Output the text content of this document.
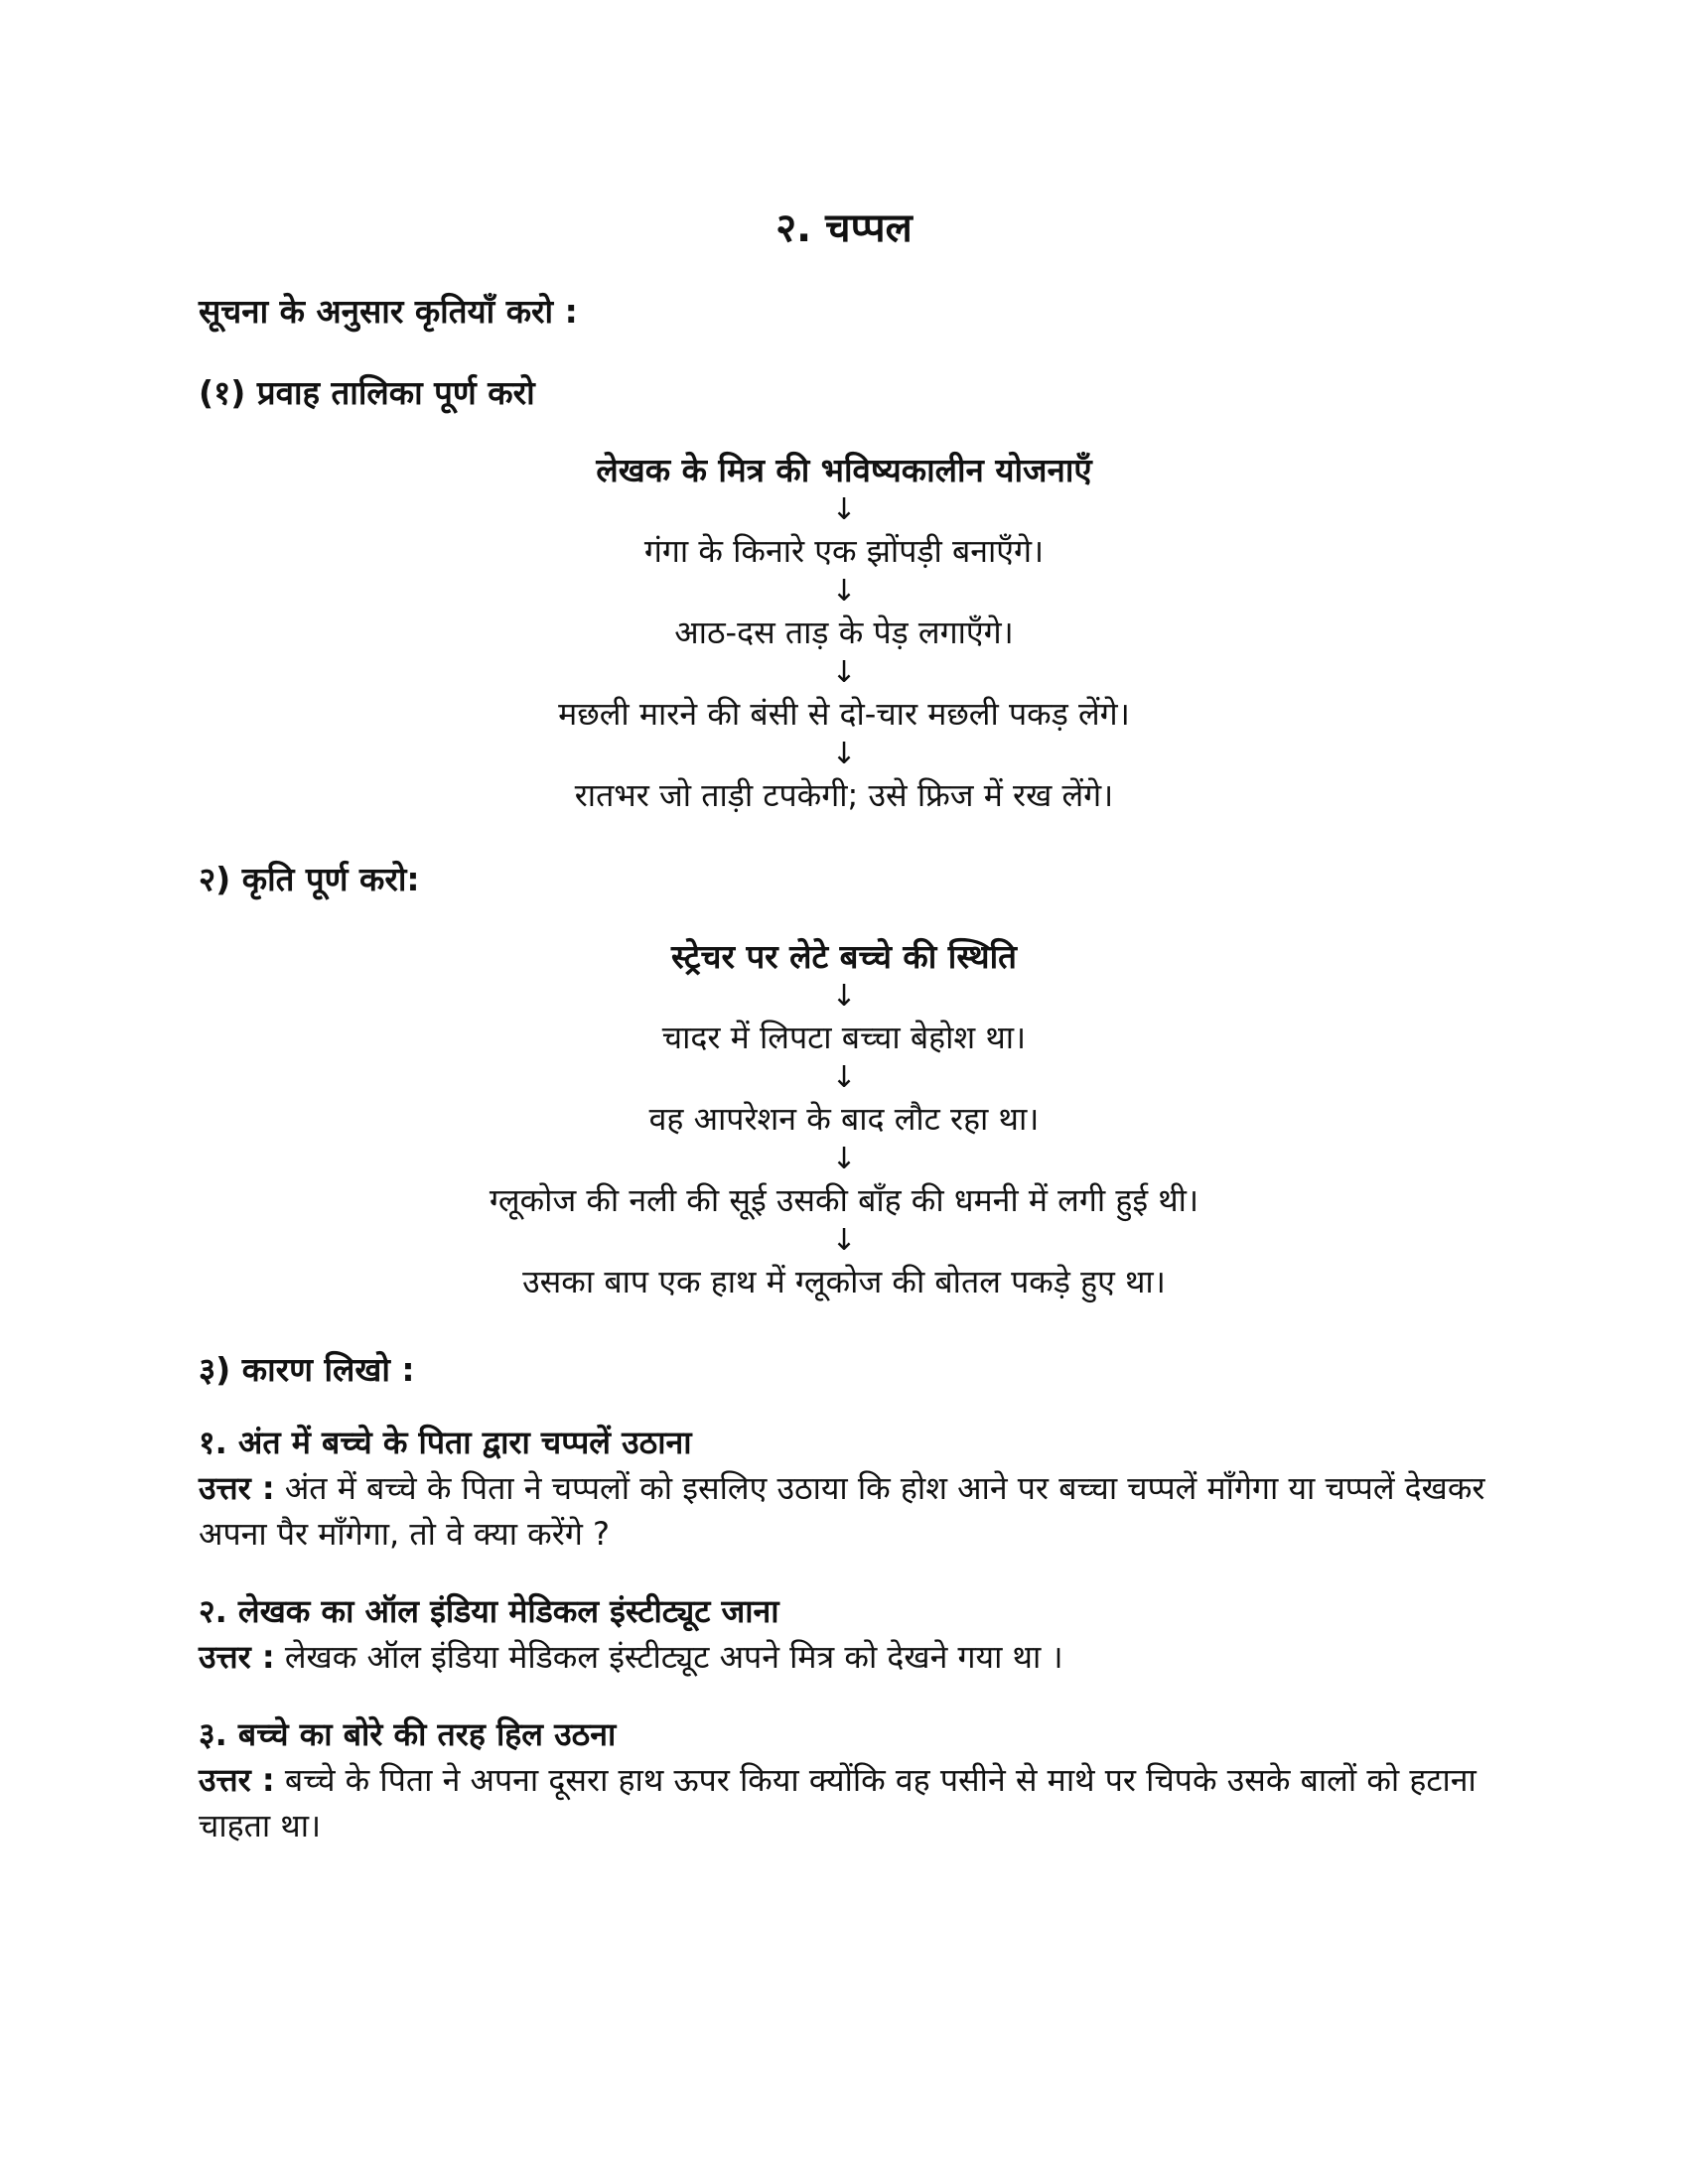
२. चप्पल
सूचना के अनुसार कृतियाँ करो :
(१) प्रवाह तालिका पूर्ण करो
लेखक के मित्र की भविष्यकालीन योजनाएँ
↓
गंगा के किनारे एक झोंपड़ी बनाएँगे।
↓
आठ-दस ताड़ के पेड़ लगाएँगे।
↓
मछली मारने की बंसी से दो-चार मछली पकड़ लेंगे।
↓
रातभर जो ताड़ी टपकेगी; उसे फ्रिज में रख लेंगे।
२) कृति पूर्ण करो:
स्ट्रेचर पर लेटे बच्चे की स्थिति
↓
चादर में लिपटा बच्चा बेहोश था।
↓
वह आपरेशन के बाद लौट रहा था।
↓
ग्लूकोज की नली की सूई उसकी बाँह की धमनी में लगी हुई थी।
↓
उसका बाप एक हाथ में ग्लूकोज की बोतल पकड़े हुए था।
३) कारण लिखो :
१. अंत में बच्चे के पिता द्वारा चप्पलें उठाना
उत्तर : अंत में बच्चे के पिता ने चप्पलों को इसलिए उठाया कि होश आने पर बच्चा चप्पलें माँगेगा या चप्पलें देखकर अपना पैर माँगेगा, तो वे क्या करेंगे ?
२. लेखक का ऑल इंडिया मेडिकल इंस्टीट्यूट जाना
उत्तर : लेखक ऑल इंडिया मेडिकल इंस्टीट्यूट अपने मित्र को देखने गया था ।
३. बच्चे का बोरे की तरह हिल उठना
उत्तर : बच्चे के पिता ने अपना दूसरा हाथ ऊपर किया क्योंकि वह पसीने से माथे पर चिपके उसके बालों को हटाना चाहता था।
